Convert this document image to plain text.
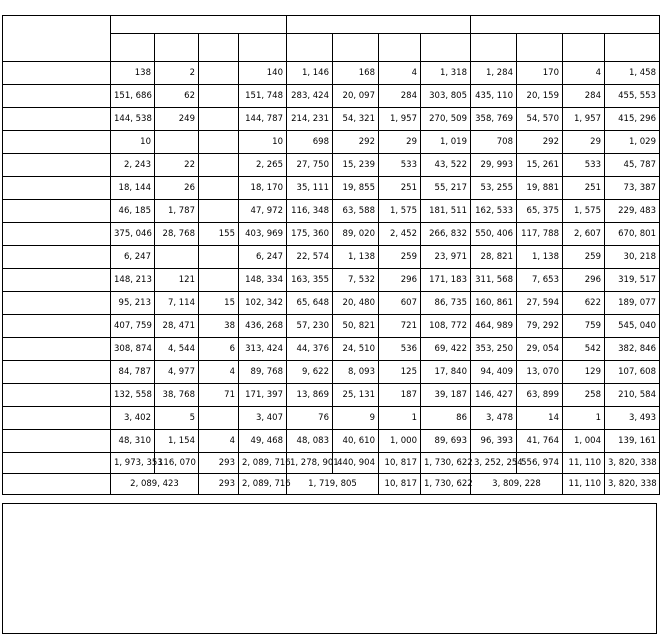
	138	2		140	1, 146	168	4	1, 318	1, 284	170	4	1, 458
	151, 686	62		151, 748	283, 424	20, 097	284	303, 805	435, 110	20, 159	284	455, 553
	144, 538	249		144, 787	214, 231	54, 321	1, 957	270, 509	358, 769	54, 570	1, 957	415, 296
	10			10	698	292	29	1, 019	708	292	29	1, 029
	2, 243	22		2, 265	27, 750	15, 239	533	43, 522	29, 993	15, 261	533	45, 787
	18, 144	26		18, 170	35, 111	19, 855	251	55, 217	53, 255	19, 881	251	73, 387
	46, 185	1, 787		47, 972	116, 348	63, 588	1, 575	181, 511	162, 533	65, 375	1, 575	229, 483
	375, 046	28, 768	155	403, 969	175, 360	89, 020	2, 452	266, 832	550, 406	117, 788	2, 607	670, 801
	6, 247			6, 247	22, 574	1, 138	259	23, 971	28, 821	1, 138	259	30, 218
	148, 213	121		148, 334	163, 355	7, 532	296	171, 183	311, 568	7, 653	296	319, 517
	95, 213	7, 114	15	102, 342	65, 648	20, 480	607	86, 735	160, 861	27, 594	622	189, 077
	407, 759	28, 471	38	436, 268	57, 230	50, 821	721	108, 772	464, 989	79, 292	759	545, 040
	308, 874	4, 544	6	313, 424	44, 376	24, 510	536	69, 422	353, 250	29, 054	542	382, 846
	84, 787	4, 977	4	89, 768	9, 622	8, 093	125	17, 840	94, 409	13, 070	129	107, 608
	132, 558	38, 768	71	171, 397	13, 869	25, 131	187	39, 187	146, 427	63, 899	258	210, 584
	3, 402	5		3, 407	76	9	1	86	3, 478	14	1	3, 493
	48, 310	1, 154	4	49, 468	48, 083	40, 610	1, 000	89, 693	96, 393	41, 764	1, 004	139, 161
	1, 973, 353	116, 070	293	2, 089, 716	1, 278, 901	440, 904	10, 817	1, 730, 622	3, 252, 254	556, 974	11, 110	3, 820, 338
	2, 089, 423		293	2, 089, 716	1, 719, 805		10, 817	1, 730, 622	3, 809, 228		11, 110	3, 820, 338
